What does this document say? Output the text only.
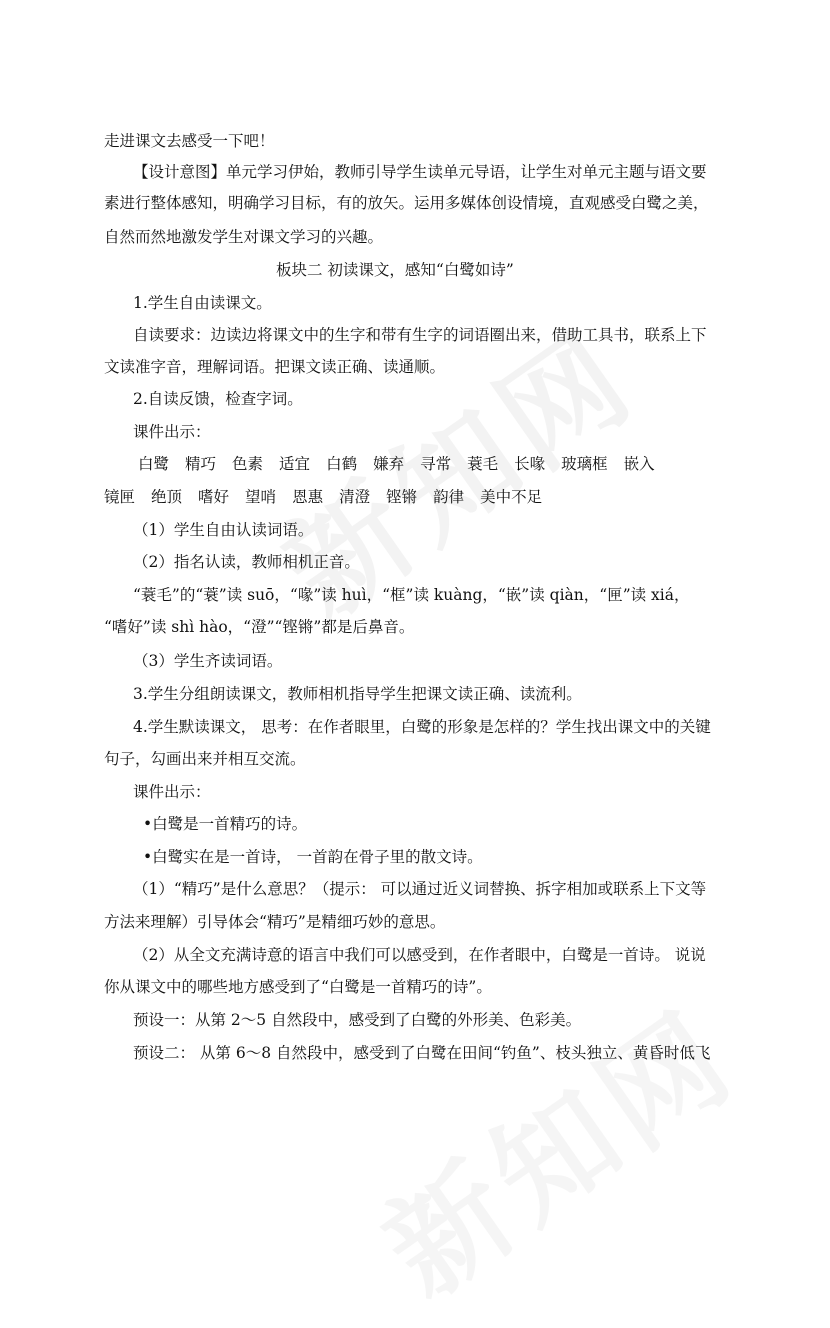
走进课文去感受一下吧！
【设计意图】单元学习伊始，教师引导学生读单元导语，让学生对单元主题与语文要
素进行整体感知，明确学习目标，有的放矢。运用多媒体创设情境，直观感受白鹭之美，
自然而然地激发学生对课文学习的兴趣。
板块二 初读课文，感知“白鹭如诗”
1.学生自由读课文。
自读要求：边读边将课文中的生字和带有生字的词语圈出来，借助工具书，联系上下
文读准字音，理解词语。把课文读正确、读通顺。
2.自读反馈，检查字词。
课件出示：
白鹭 精巧 色素 适宜 白鹤 嫌弃 寻常 蓑毛 长喙 玻璃框 嵌入
镜匣 绝顶 嗜好 望哨 恩惠 清澄 铿锵 韵律 美中不足
（1）学生自由认读词语。
（2）指名认读，教师相机正音。
“蓑毛”的“蓑”读 suō，“喙”读 huì，“框”读 kuàng，“嵌”读 qiàn，“匣”读 xiá，
“嗜好”读 shì hào，“澄”“铿锵”都是后鼻音。
（3）学生齐读词语。
3.学生分组朗读课文，教师相机指导学生把课文读正确、读流利。
4.学生默读课文， 思考：在作者眼里，白鹭的形象是怎样的？学生找出课文中的关键
句子，勾画出来并相互交流。
课件出示：
•白鹭是一首精巧的诗。
•白鹭实在是一首诗， 一首韵在骨子里的散文诗。
（1）“精巧”是什么意思？（提示： 可以通过近义词替换、拆字相加或联系上下文等
方法来理解）引导体会“精巧”是精细巧妙的意思。
（2）从全文充满诗意的语言中我们可以感受到，在作者眼中，白鹭是一首诗。 说说
你从课文中的哪些地方感受到了“白鹭是一首精巧的诗”。
预设一：从第 2～5 自然段中，感受到了白鹭的外形美、色彩美。
预设二： 从第 6～8 自然段中，感受到了白鹭在田间“钓鱼”、枝头独立、黄昏时低飞
